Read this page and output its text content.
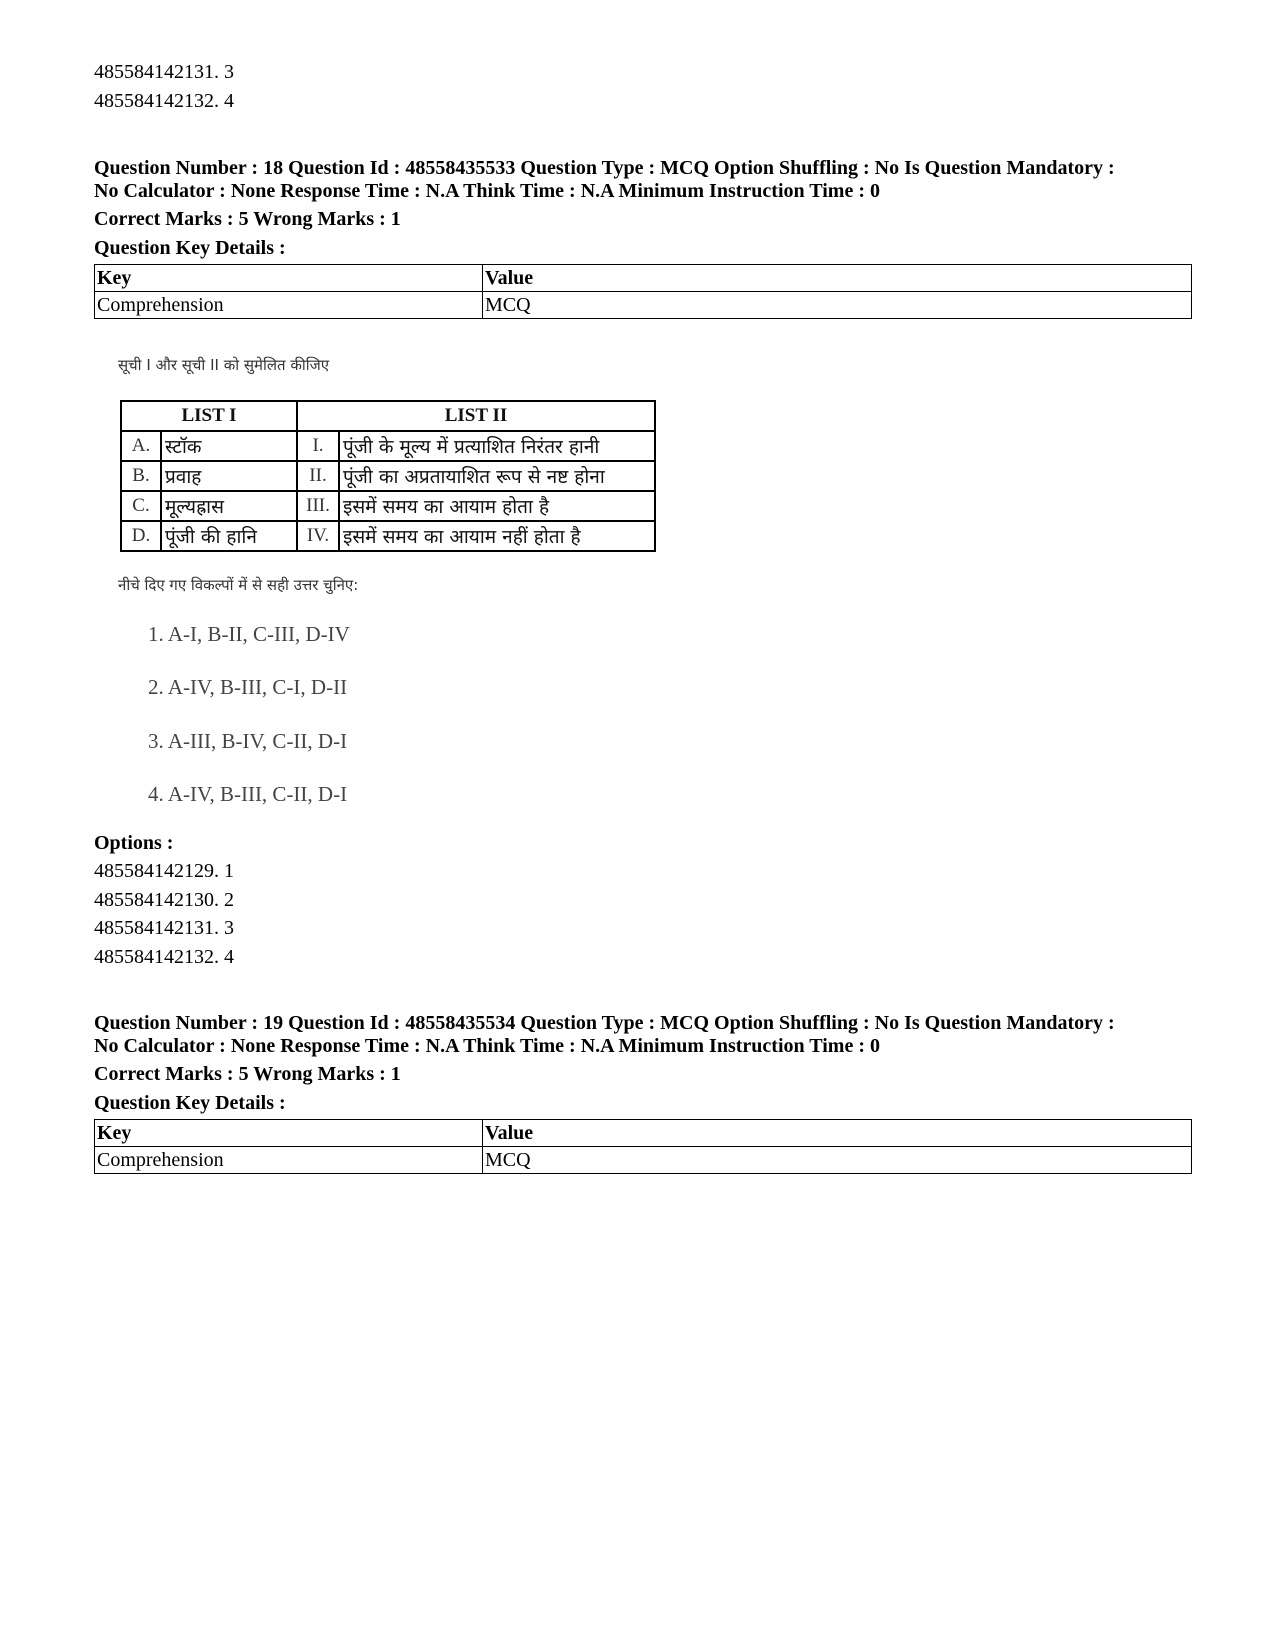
485584142131. 3
485584142132. 4
Question Number : 18 Question Id : 48558435533 Question Type : MCQ Option Shuffling : No Is Question Mandatory :
No Calculator : None Response Time : N.A Think Time : N.A Minimum Instruction Time : 0
Correct Marks : 5 Wrong Marks : 1
Question Key Details :
Key	Value
Comprehension	MCQ
सूची I और सूची II को सुमेलित कीजिए
LIST I		LIST II	
A.	स्टॉक	I.	पूंजी के मूल्य में प्रत्याशित निरंतर हानी
B.	प्रवाह	II.	पूंजी का अप्रतायाशित रूप से नष्ट होना
C.	मूल्यह्रास	III.	इसमें समय का आयाम होता है
D.	पूंजी की हानि	IV.	इसमें समय का आयाम नहीं होता है
नीचे दिए गए विकल्पों में से सही उत्तर चुनिए:
1. A-I, B-II, C-III, D-IV
2. A-IV, B-III, C-I, D-II
3. A-III, B-IV, C-II, D-I
4. A-IV, B-III, C-II, D-I
Options :
485584142129. 1
485584142130. 2
485584142131. 3
485584142132. 4
Question Number : 19 Question Id : 48558435534 Question Type : MCQ Option Shuffling : No Is Question Mandatory :
No Calculator : None Response Time : N.A Think Time : N.A Minimum Instruction Time : 0
Correct Marks : 5 Wrong Marks : 1
Question Key Details :
Key	Value
Comprehension	MCQ
